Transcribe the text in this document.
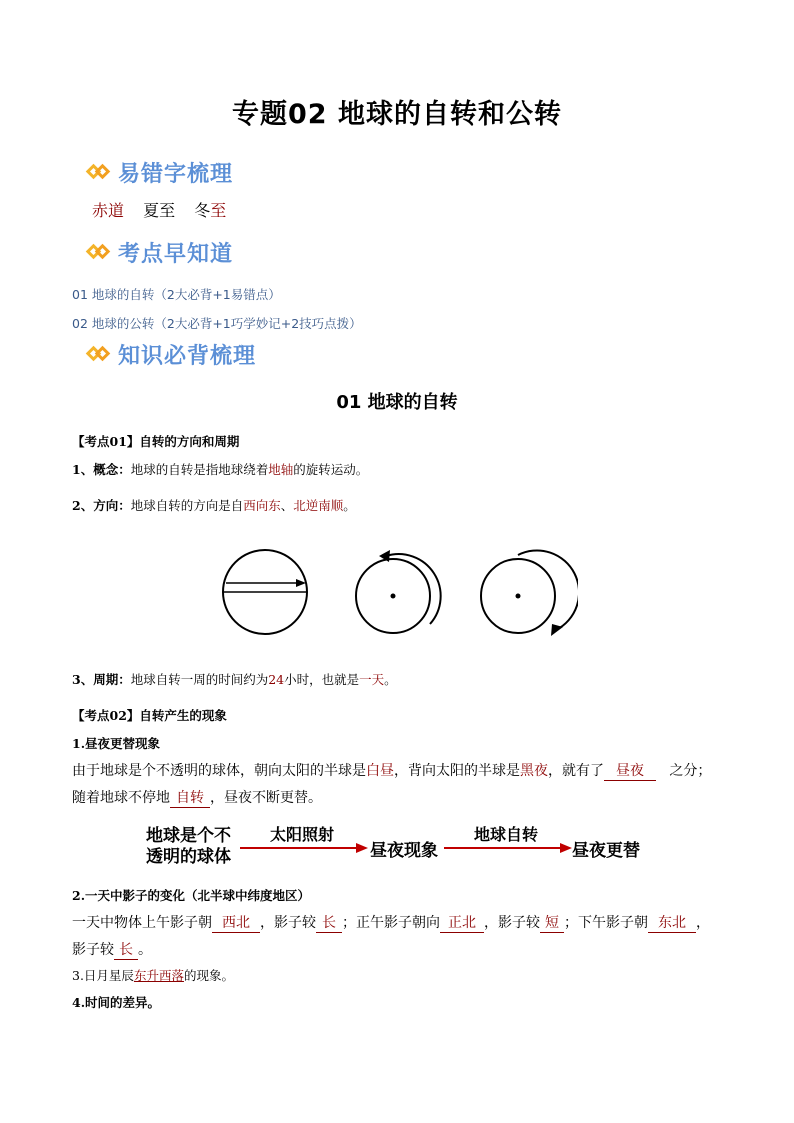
专题02 地球的自转和公转
易错字梳理
赤道 夏至 冬至
考点早知道
01 地球的自转（2大必背+1易错点）
02 地球的公转（2大必背+1巧学妙记+2技巧点拨）
知识必背梳理
01 地球的自转
【考点01】自转的方向和周期
1、概念：地球的自转是指地球绕着地轴的旋转运动。
2、方向：地球自转的方向是自西向东、北逆南顺。
3、周期：地球自转一周的时间约为24小时，也就是一天。
【考点02】自转产生的现象
1.昼夜更替现象
由于地球是个不透明的球体，朝向太阳的半球是白昼，背向太阳的半球是黑夜，就有了 昼夜 之分；
随着地球不停地 自转 ，昼夜不断更替。
地球是个不
透明的球体
太阳照射
昼夜现象
地球自转
昼夜更替
2.一天中影子的变化（北半球中纬度地区）
一天中物体上午影子朝 西北 ，影子较 长 ；正午影子朝向 正北 ，影子较 短 ；下午影子朝 东北 ，
影子较 长 。
3.日月星辰东升西落的现象。
4.时间的差异。
